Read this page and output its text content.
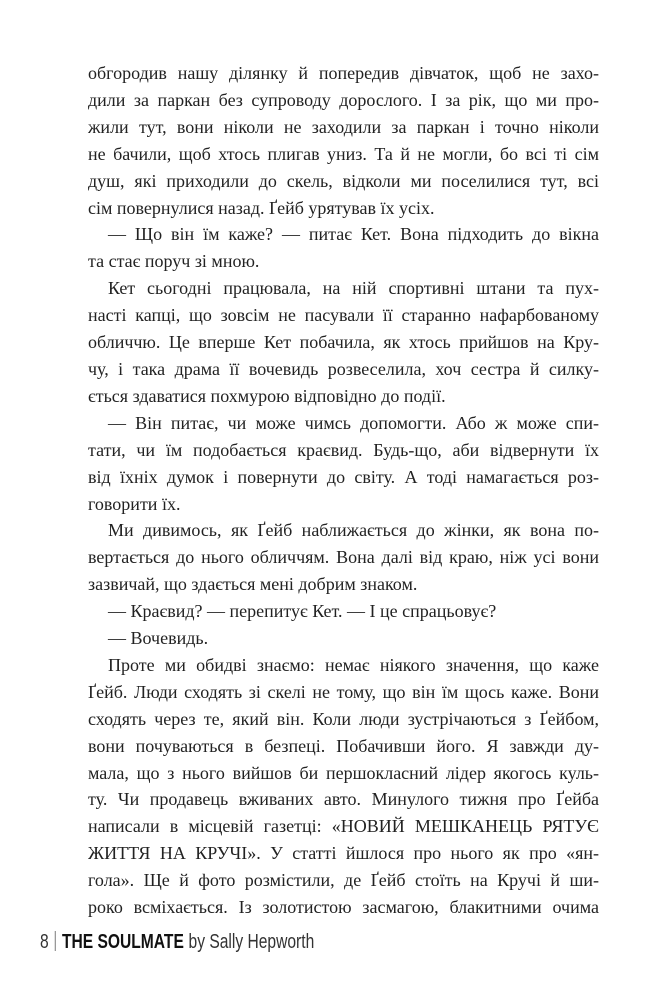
обгородив нашу ділянку й попередив дівчаток, щоб не захо-
дили за паркан без супроводу дорослого. І за рік, що ми про-
жили тут, вони ніколи не заходили за паркан і точно ніколи
не бачили, щоб хтось плигав униз. Та й не могли, бо всі ті сім
душ, які приходили до скель, відколи ми поселилися тут, всі
сім повернулися назад. Ґейб урятував їх усіх.
— Що він їм каже? — питає Кет. Вона підходить до вікна
та стає поруч зі мною.
Кет сьогодні працювала, на ній спортивні штани та пух-
насті капці, що зовсім не пасували її старанно нафарбованому
обличчю. Це вперше Кет побачила, як хтось прийшов на Кру-
чу, і така драма її вочевидь розвеселила, хоч сестра й силку-
ється здаватися похмурою відповідно до події.
— Він питає, чи може чимсь допомогти. Або ж може спи-
тати, чи їм подобається краєвид. Будь-що, аби відвернути їх
від їхніх думок і повернути до світу. А тоді намагається роз-
говорити їх.
Ми дивимось, як Ґейб наближається до жінки, як вона по-
вертається до нього обличчям. Вона далі від краю, ніж усі вони
зазвичай, що здається мені добрим знаком.
— Краєвид? — перепитує Кет. — І це спрацьовує?
— Вочевидь.
Проте ми обидві знаємо: немає ніякого значення, що каже
Ґейб. Люди сходять зі скелі не тому, що він їм щось каже. Вони
сходять через те, який він. Коли люди зустрічаються з Ґейбом,
вони почуваються в безпеці. Побачивши його. Я завжди ду-
мала, що з нього вийшов би першокласний лідер якогось куль-
ту. Чи продавець вживаних авто. Минулого тижня про Ґейба
написали в місцевій газетці: «НОВИЙ МЕШКАНЕЦЬ РЯТУЄ
ЖИТТЯ НА КРУЧІ». У статті йшлося про нього як про «ян-
гола». Ще й фото розмістили, де Ґейб стоїть на Кручі й ши-
роко всміхається. Із золотистою засмагою, блакитними очима
8 THE SOULMATE by Sally Hepworth
